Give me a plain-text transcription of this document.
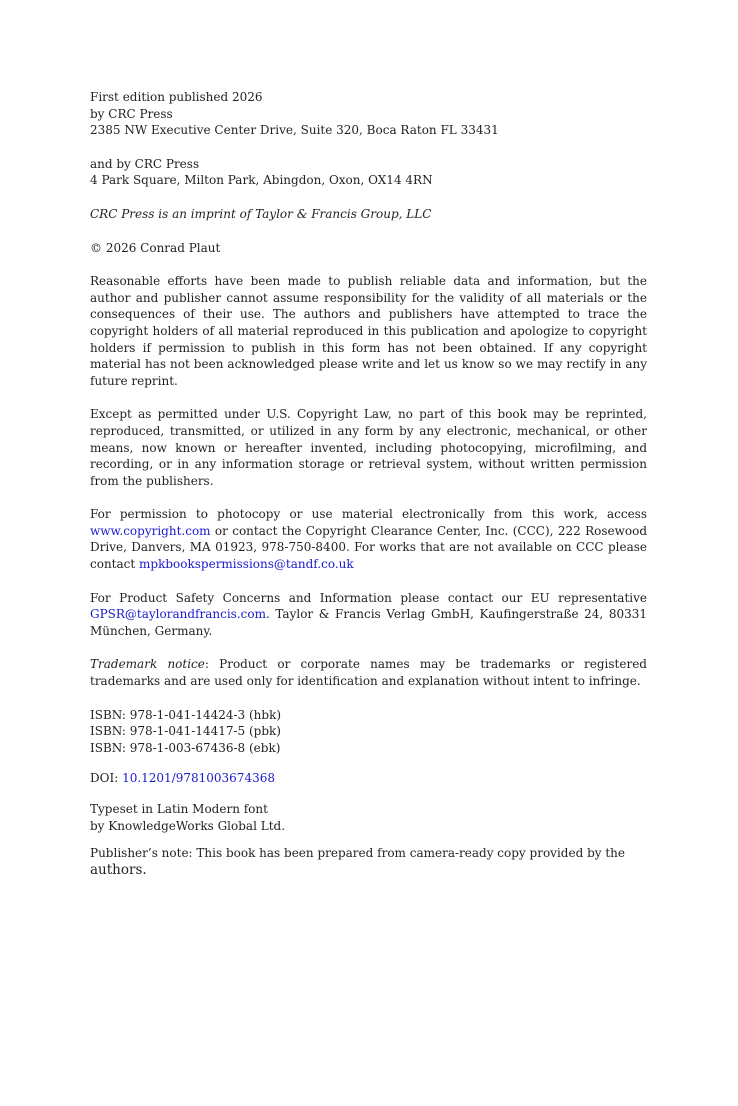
First edition published 2026
by CRC Press
2385 NW Executive Center Drive, Suite 320, Boca Raton FL 33431
and by CRC Press
4 Park Square, Milton Park, Abingdon, Oxon, OX14 4RN
CRC Press is an imprint of Taylor & Francis Group, LLC
© 2026 Conrad Plaut
Reasonable efforts have been made to publish reliable data and information, but the author and publisher cannot assume responsibility for the validity of all materials or the consequences of their use. The authors and publishers have attempted to trace the copyright holders of all material reproduced in this publication and apologize to copyright holders if permission to publish in this form has not been obtained. If any copyright material has not been acknowledged please write and let us know so we may rectify in any future reprint.
Except as permitted under U.S. Copyright Law, no part of this book may be reprinted, reproduced, transmitted, or utilized in any form by any electronic, mechanical, or other means, now known or hereafter invented, including photocopying, microfilming, and recording, or in any information storage or retrieval system, without written permission from the publishers.
For permission to photocopy or use material electronically from this work, access www.copyright.com or contact the Copyright Clearance Center, Inc. (CCC), 222 Rosewood Drive, Danvers, MA 01923, 978-750-8400. For works that are not available on CCC please contact mpkbookspermissions@tandf.co.uk
For Product Safety Concerns and Information please contact our EU representative GPSR@taylorandfrancis.com. Taylor & Francis Verlag GmbH, Kaufingerstraße 24, 80331 München, Germany.
Trademark notice: Product or corporate names may be trademarks or registered trademarks and are used only for identification and explanation without intent to infringe.
ISBN: 978-1-041-14424-3 (hbk)
ISBN: 978-1-041-14417-5 (pbk)
ISBN: 978-1-003-67436-8 (ebk)
DOI: 10.1201/9781003674368
Typeset in Latin Modern font
by KnowledgeWorks Global Ltd.
Publisher’s note: This book has been prepared from camera-ready copy provided by the authors.
